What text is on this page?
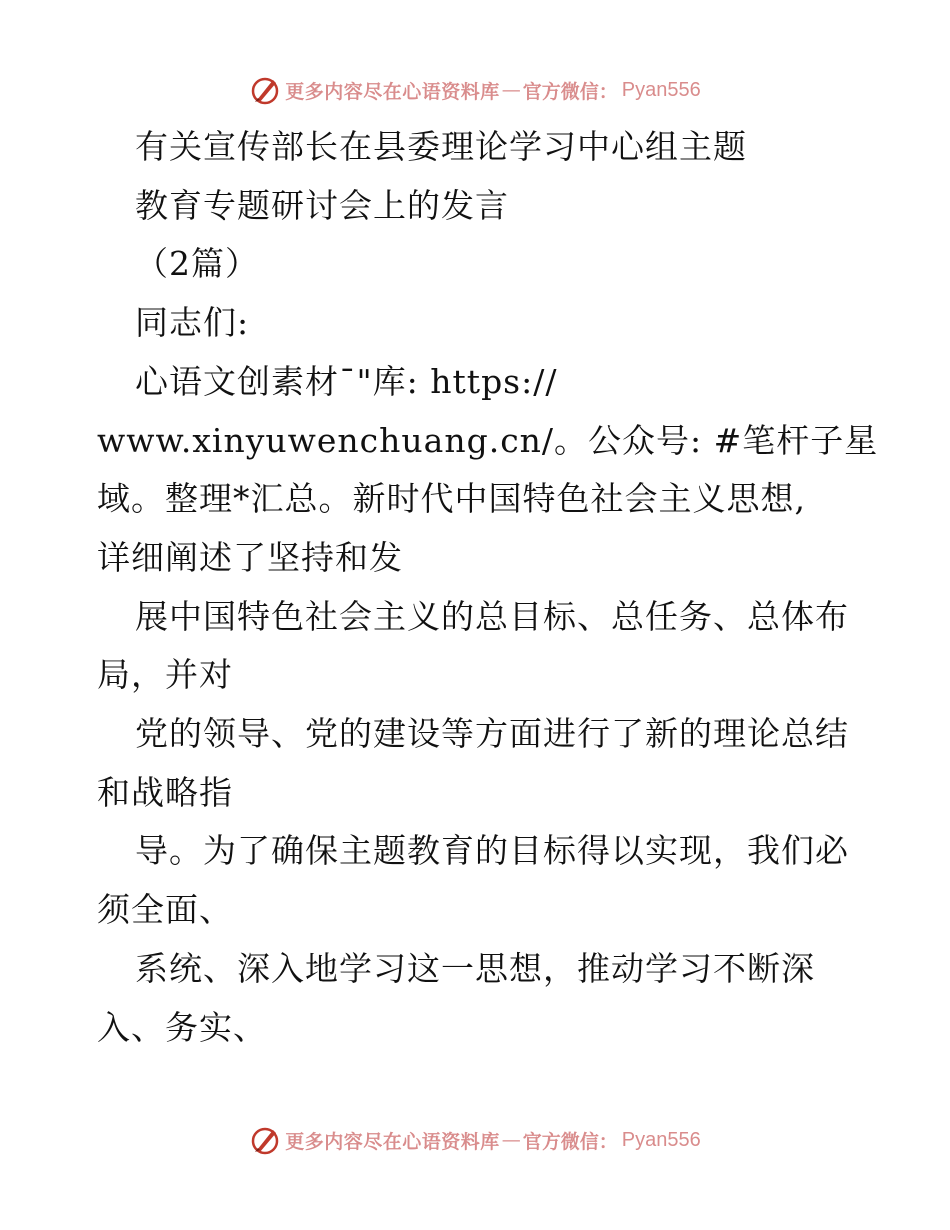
更多内容尽在心语资料库 — 官方微信： Pyan556

有关宣传部长在县委理论学习中心组主题

教育专题研讨会上的发言

（2篇）

同志们:

心语文创素材¯"库: https://

www.xinyuwenchuang.cn/。公众号: #笔杆子星

域。整理*汇总。新时代中国特色社会主义思想,

详细阐述了坚持和发

展中国特色社会主义的总目标、总任务、总体布

局，并对

党的领导、党的建设等方面进行了新的理论总结

和战略指

导。为了确保主题教育的目标得以实现，我们必

须全面、

系统、深入地学习这一思想，推动学习不断深

入、务实、

更多内容尽在心语资料库 — 官方微信： Pyan556
